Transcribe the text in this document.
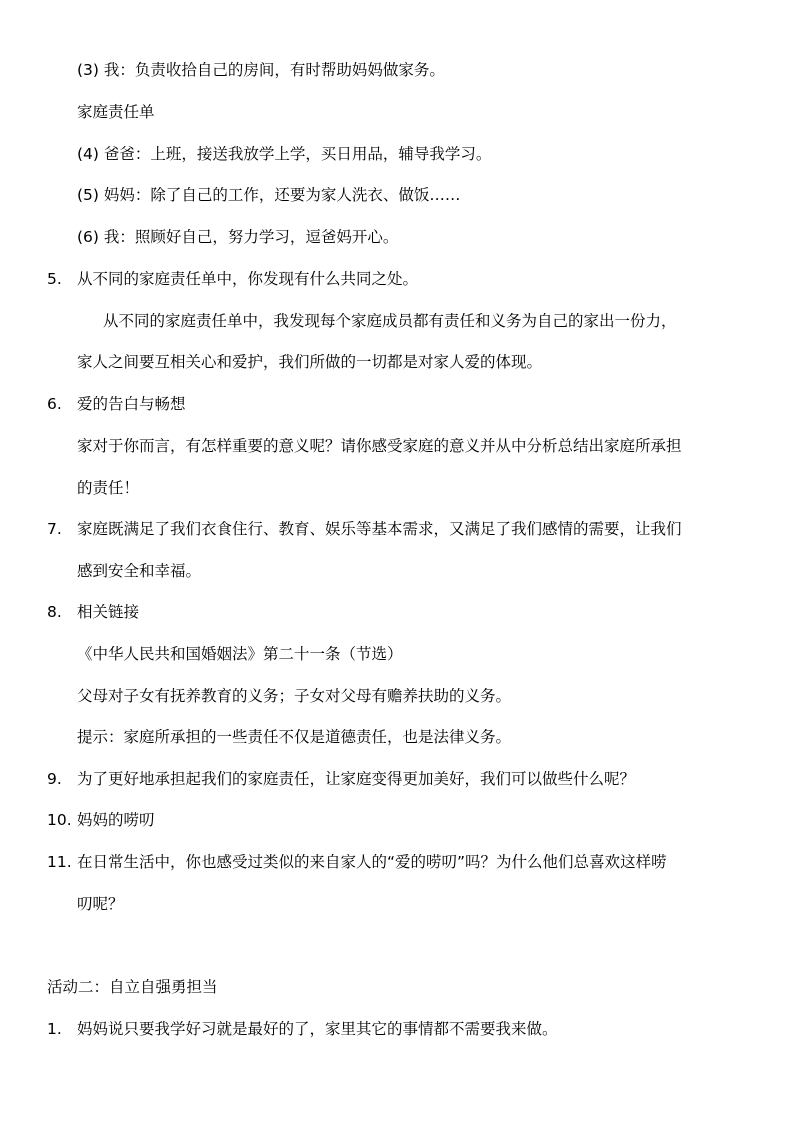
(3) 我：负责收拾自己的房间，有时帮助妈妈做家务。
家庭责任单
(4) 爸爸：上班，接送我放学上学，买日用品，辅导我学习。
(5) 妈妈：除了自己的工作，还要为家人洗衣、做饭……
(6) 我：照顾好自己，努力学习，逗爸妈开心。
5. 从不同的家庭责任单中，你发现有什么共同之处。
从不同的家庭责任单中，我发现每个家庭成员都有责任和义务为自己的家出一份力，
家人之间要互相关心和爱护，我们所做的一切都是对家人爱的体现。
6. 爱的告白与畅想
家对于你而言，有怎样重要的意义呢？请你感受家庭的意义并从中分析总结出家庭所承担
的责任！
7. 家庭既满足了我们衣食住行、教育、娱乐等基本需求，又满足了我们感情的需要，让我们
感到安全和幸福。
8. 相关链接
《中华人民共和国婚姻法》第二十一条（节选）
父母对子女有抚养教育的义务；子女对父母有赡养扶助的义务。
提示：家庭所承担的一些责任不仅是道德责任，也是法律义务。
9. 为了更好地承担起我们的家庭责任，让家庭变得更加美好，我们可以做些什么呢？
10. 妈妈的唠叨
11. 在日常生活中，你也感受过类似的来自家人的“爱的唠叨”吗？为什么他们总喜欢这样唠
叨呢？
活动二：自立自强勇担当
1. 妈妈说只要我学好习就是最好的了，家里其它的事情都不需要我来做。
